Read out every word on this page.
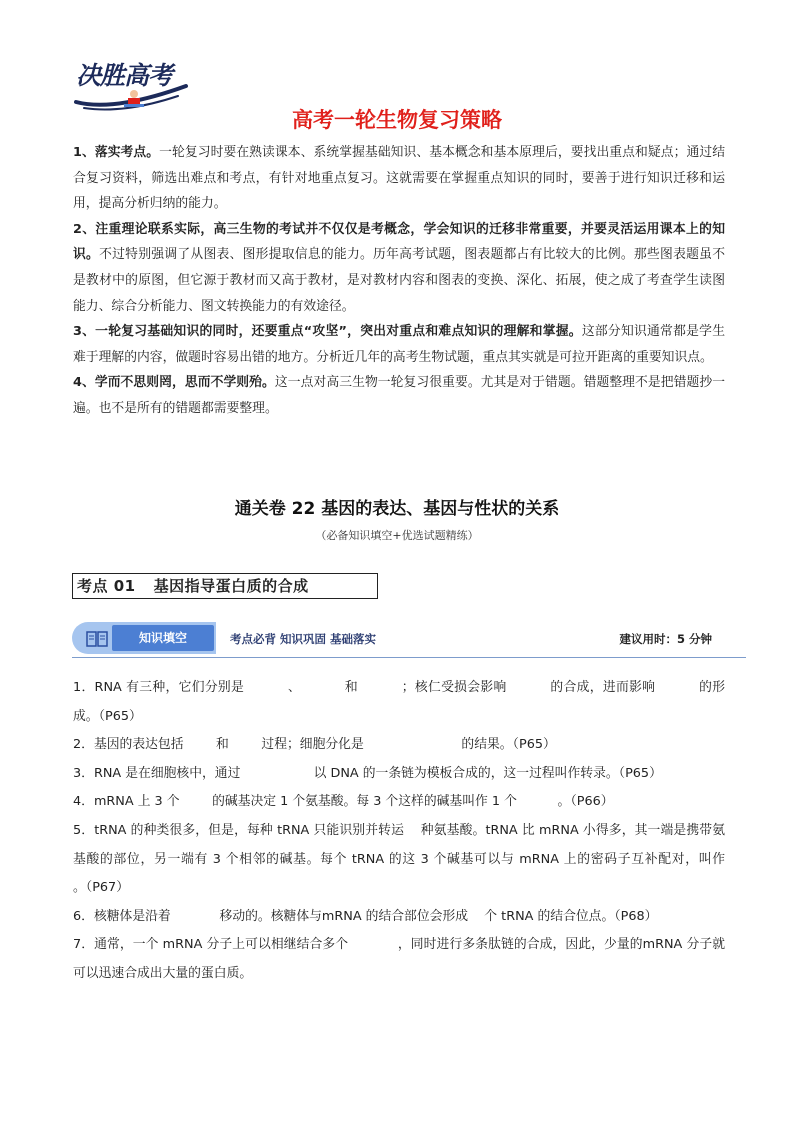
决胜高考
高考一轮生物复习策略

1、落实考点。一轮复习时要在熟读课本、系统掌握基础知识、基本概念和基本原理后，要找出重点和疑点；通过结合复习资料，筛选出难点和考点，有针对地重点复习。这就需要在掌握重点知识的同时，要善于进行知识迁移和运用，提高分析归纳的能力。

2、注重理论联系实际，高三生物的考试并不仅仅是考概念，学会知识的迁移非常重要，并要灵活运用课本上的知识。不过特别强调了从图表、图形提取信息的能力。历年高考试题，图表题都占有比较大的比例。那些图表题虽不是教材中的原图，但它源于教材而又高于教材，是对教材内容和图表的变换、深化、拓展，使之成了考查学生读图能力、综合分析能力、图文转换能力的有效途径。

3、一轮复习基础知识的同时，还要重点“攻坚”，突出对重点和难点知识的理解和掌握。这部分知识通常都是学生难于理解的内容，做题时容易出错的地方。分析近几年的高考生物试题，重点其实就是可拉开距离的重要知识点。

4、学而不思则罔，思而不学则殆。这一点对高三生物一轮复习很重要。尤其是对于错题。错题整理不是把错题抄一遍。也不是所有的错题都需要整理。

通关卷 22 基因的表达、基因与性状的关系
（必备知识填空+优选试题精练）
考点 01 基因指导蛋白质的合成
知识填空	考点必背 知识巩固 基础落实	建议用时：5 分钟

1．RNA 有三种，它们分别是          、          和          ；核仁受损会影响          的合成，进而影响          的形成。（P65）

2．基因的表达包括        和        过程；细胞分化是                        的结果。（P65）

3．RNA 是在细胞核中，通过                  以 DNA 的一条链为模板合成的，这一过程叫作转录。（P65）

4．mRNA 上 3 个        的碱基决定 1 个氨基酸。每 3 个这样的碱基叫作 1 个          。（P66）

5．tRNA 的种类很多，但是，每种 tRNA 只能识别并转运    种氨基酸。tRNA 比 mRNA 小得多，其一端是携带氨基酸的部位，另一端有 3 个相邻的碱基。每个 tRNA 的这 3 个碱基可以与 mRNA 上的密码子互补配对，叫作              。（P67）

6．核糖体是沿着            移动的。核糖体与mRNA 的结合部位会形成    个 tRNA 的结合位点。（P68）

7．通常，一个 mRNA 分子上可以相继结合多个            ，同时进行多条肽链的合成，因此，少量的mRNA 分子就可以迅速合成出大量的蛋白质。
